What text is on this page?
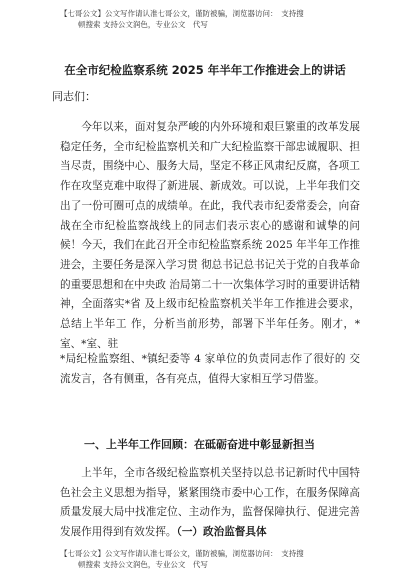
【七哥公文】公文写作请认准七哥公文，谨防被骗，浏览器访问：　支持搜
顿搜索 支持公文润色，专业公文　代写
在全市纪检监察系统 2025 年半年工作推进会上的讲话
同志们：
今年以来，面对复杂严峻的内外环境和艰巨繁重的改革发展稳定任务，全市纪检监察机关和广大纪检监察干部忠诚履职、担当尽责，围绕中心、服务大局，坚定不移正风肃纪反腐，各项工作在攻坚克难中取得了新进展、新成效。可以说，上半年我们交出了一份可圈可点的成绩单。在此，我代表市纪委常委会，向奋战在全市纪检监察战线上的同志们表示衷心的感谢和诚挚的问候！今天，我们在此召开全市纪检监察系统 2025 年半年工作推进会，主要任务是深入学习贯 彻总书记总书记关于党的自我革命的重要思想和在中央政 治局第二十一次集体学习时的重要讲话精神，全面落实*省 及上级市纪检监察机关半年工作推进会要求，总结上半年工 作，分析当前形势，部署下半年任务。刚才，*室、*室、驻
*局纪检监察组、*镇纪委等 4 家单位的负责同志作了很好的 交流发言，各有侧重，各有亮点，值得大家相互学习借鉴。
一、上半年工作回顾：在砥砺奋进中彰显新担当
上半年，全市各级纪检监察机关坚持以总书记新时代中国特色社会主义思想为指导，紧紧围绕市委中心工作，在服务保障高质量发展大局中找准定位、主动作为，监督保障执行、促进完善发展作用得到有效发挥。（一）政治监督具体
【七哥公文】公文写作请认准七哥公文，谨防被骗，浏览器访问：　支持搜
顿搜索 支持公文润色，专业公文　代写
